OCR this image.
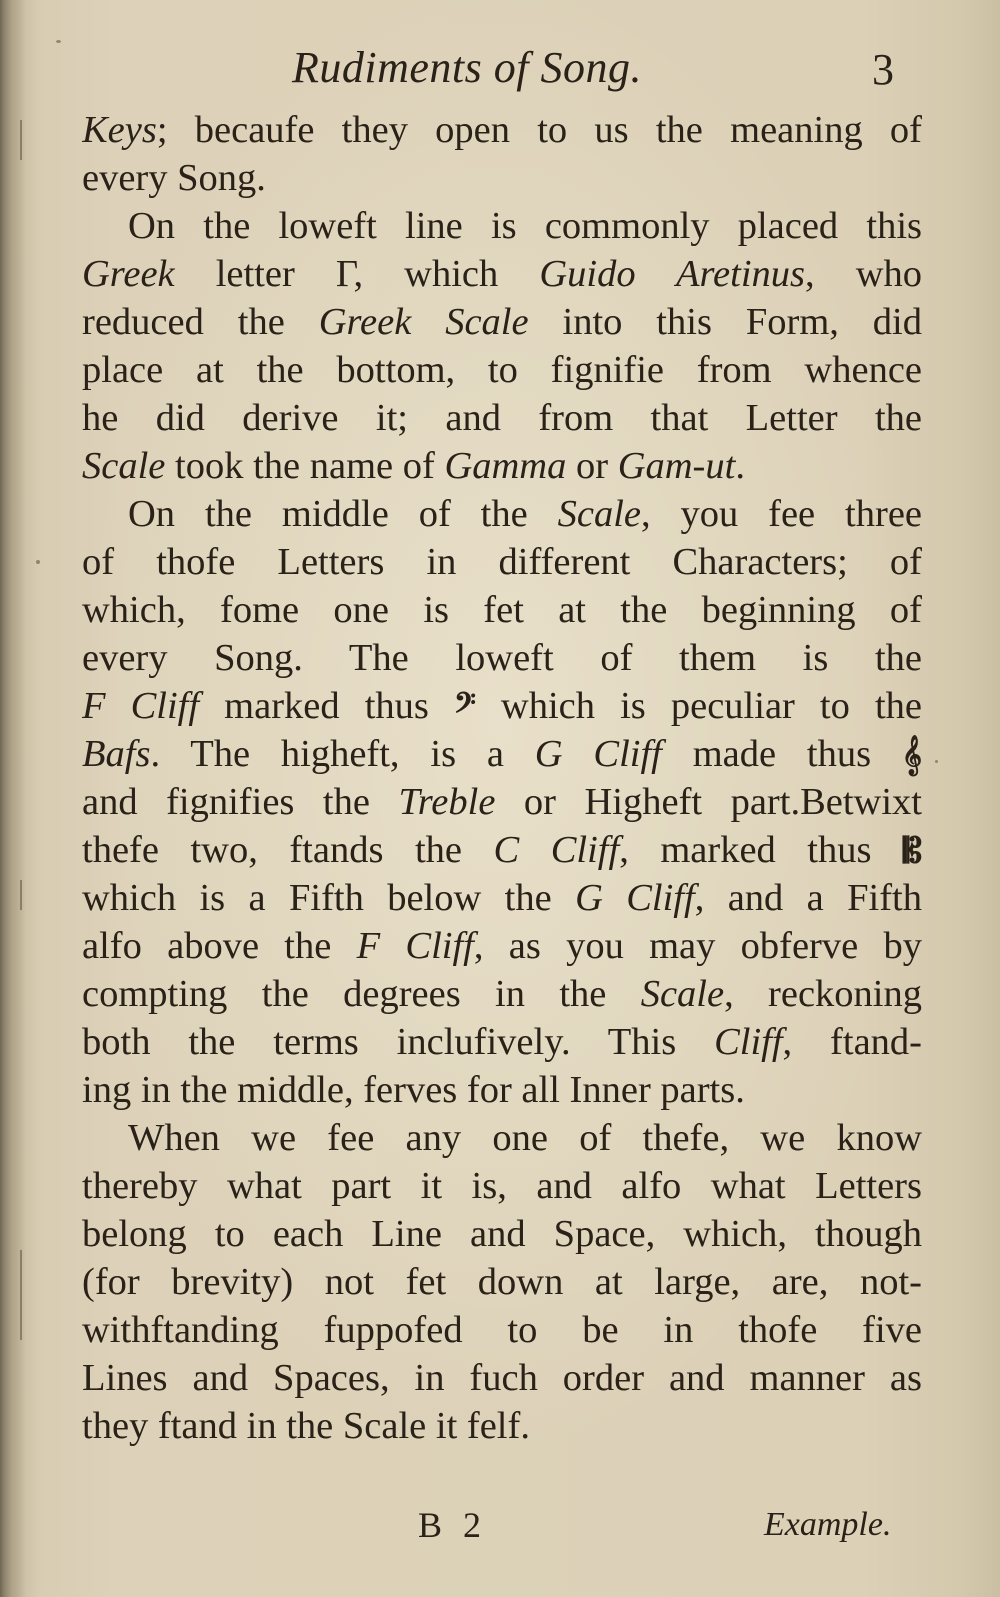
Rudiments of Song.	3
Keys; becaufe they open to us the meaning of
every Song.
On the loweft line is commonly placed this
Greek letter Γ, which Guido Aretinus, who
reduced the Greek Scale into this Form, did
place at the bottom, to fignifie from whence
he did derive it; and from that Letter the
Scale took the name of Gamma or Gam-ut.
On the middle of the Scale, you fee three
of thofe Letters in different Characters; of
which, fome one is fet at the beginning of
every Song. The loweft of them is the
F Cliff marked thus 𝄢 which is peculiar to the
Bafs. The higheft, is a G Cliff made thus 𝄞
and fignifies the Treble or Higheft part.Betwixt
thefe two, ftands the C Cliff, marked thus 𝄡
which is a Fifth below the G Cliff, and a Fifth
alfo above the F Cliff, as you may obferve by
compting the degrees in the Scale, reckoning
both the terms inclufively. This Cliff, ftand-
ing in the middle, ferves for all Inner parts.
When we fee any one of thefe, we know
thereby what part it is, and alfo what Letters
belong to each Line and Space, which, though
(for brevity) not fet down at large, are, not-
withftanding fuppofed to be in thofe five
Lines and Spaces, in fuch order and manner as
they ftand in the Scale it felf.
B 2	Example.
